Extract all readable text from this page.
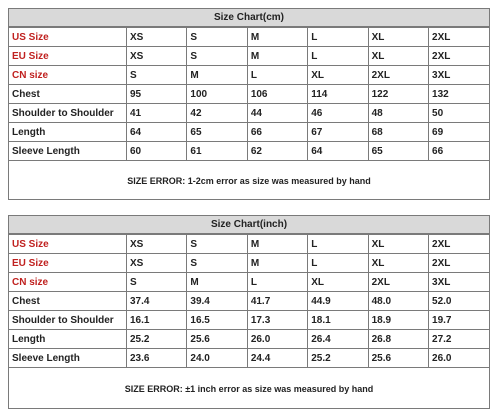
Size Chart(cm)
US Size	XS	S	M	L	XL	2XL
EU Size	XS	S	M	L	XL	2XL
CN size	S	M	L	XL	2XL	3XL
Chest	95	100	106	114	122	132
Shoulder to Shoulder	41	42	44	46	48	50
Length	64	65	66	67	68	69
Sleeve Length	60	61	62	64	65	66
SIZE ERROR: 1-2cm error as size was measured by hand
Size Chart(inch)
US Size	XS	S	M	L	XL	2XL
EU Size	XS	S	M	L	XL	2XL
CN size	S	M	L	XL	2XL	3XL
Chest	37.4	39.4	41.7	44.9	48.0	52.0
Shoulder to Shoulder	16.1	16.5	17.3	18.1	18.9	19.7
Length	25.2	25.6	26.0	26.4	26.8	27.2
Sleeve Length	23.6	24.0	24.4	25.2	25.6	26.0
SIZE ERROR: ±1 inch error as size was measured by hand
